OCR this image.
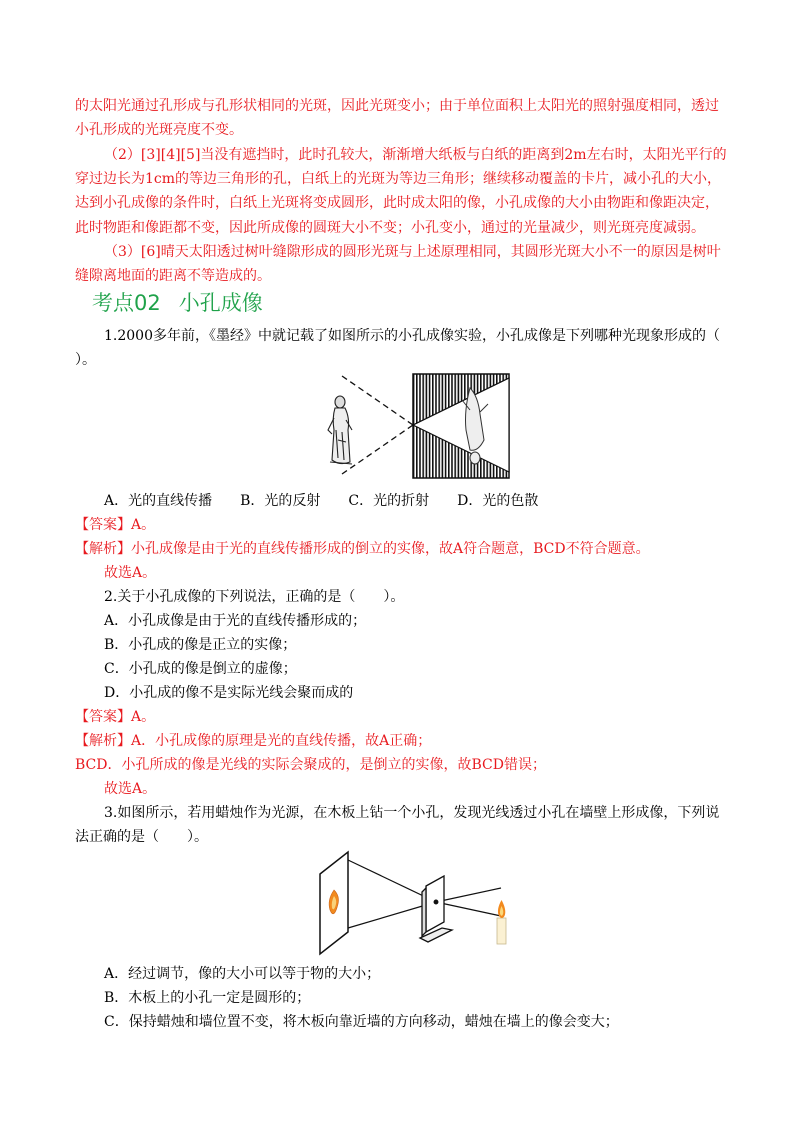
的太阳光通过孔形成与孔形状相同的光斑，因此光斑变小；由于单位面积上太阳光的照射强度相同，透过
小孔形成的光斑亮度不变。
（2）[3][4][5]当没有遮挡时，此时孔较大，渐渐增大纸板与白纸的距离到2m左右时，太阳光平行的
穿过边长为1cm的等边三角形的孔，白纸上的光斑为等边三角形；继续移动覆盖的卡片，减小孔的大小，
达到小孔成像的条件时，白纸上光斑将变成圆形，此时成太阳的像，小孔成像的大小由物距和像距决定，
此时物距和像距都不变，因此所成像的圆斑大小不变；小孔变小，通过的光量减少，则光斑亮度减弱。
（3）[6]晴天太阳透过树叶缝隙形成的圆形光斑与上述原理相同，其圆形光斑大小不一的原因是树叶
缝隙离地面的距离不等造成的。
考点02 小孔成像
1.2000多年前，《墨经》中就记载了如图所示的小孔成像实验，小孔成像是下列哪种光现象形成的（
）。
A．光的直线传播　　B．光的反射　　C．光的折射　　D．光的色散
【答案】A。
【解析】小孔成像是由于光的直线传播形成的倒立的实像，故A符合题意，BCD不符合题意。
故选A。
2.关于小孔成像的下列说法，正确的是（　　）。
A．小孔成像是由于光的直线传播形成的；
B．小孔成的像是正立的实像；
C．小孔成的像是倒立的虚像；
D．小孔成的像不是实际光线会聚而成的
【答案】A。
【解析】A．小孔成像的原理是光的直线传播，故A正确；
BCD．小孔所成的像是光线的实际会聚成的，是倒立的实像，故BCD错误；
故选A。
3.如图所示，若用蜡烛作为光源，在木板上钻一个小孔，发现光线透过小孔在墙壁上形成像，下列说
法正确的是（　　）。
A．经过调节，像的大小可以等于物的大小；
B．木板上的小孔一定是圆形的；
C．保持蜡烛和墙位置不变，将木板向靠近墙的方向移动，蜡烛在墙上的像会变大；
